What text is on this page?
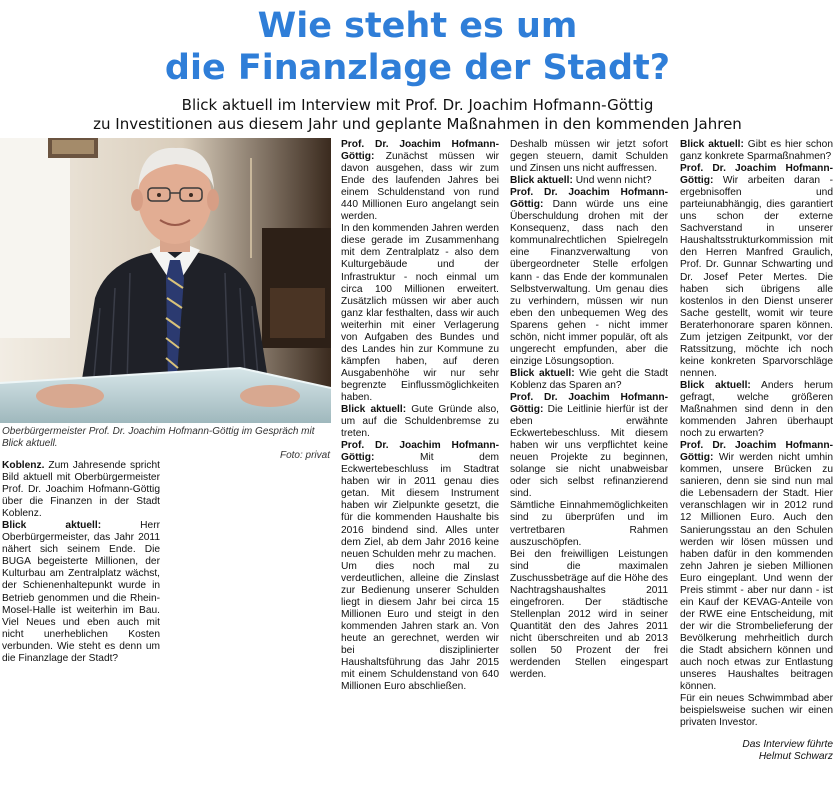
Wie steht es um
die Finanzlage der Stadt?

Blick aktuell im Interview mit Prof. Dr. Joachim Hofmann-Göttig

zu Investitionen aus diesem Jahr und geplante Maßnahmen in den kommenden Jahren

Oberbürgermeister Prof. Dr. Joachim Hofmann-Göttig im Gespräch mit Blick aktuell.
Foto: privat

Koblenz. Zum Jahresende spricht Bild aktuell mit Oberbürgermeister Prof. Dr. Joachim Hofmann-Göttig über die Finanzen in der Stadt Koblenz.

Blick aktuell:	Herr Oberbürgermeister, das Jahr 2011 nähert sich seinem Ende. Die BUGA begeisterte Millionen, der Kulturbau am Zentralplatz wächst, der Schienenhaltepunkt wurde in Betrieb genommen und die Rhein-Mosel-Halle ist weiterhin im Bau. Viel Neues und eben auch mit nicht unerheblichen Kosten verbunden. Wie steht es denn um die Finanzlage der Stadt?

Prof. Dr. Joachim Hofmann-Göttig: Zunächst müssen wir davon ausgehen, dass wir zum Ende des laufenden Jahres bei einem Schuldenstand von rund 440 Millionen Euro angelangt sein werden.

In den kommenden Jahren werden diese gerade im Zusammenhang mit dem Zentralplatz - also dem Kulturgebäude und der Infrastruktur - noch einmal um circa 100 Millionen erweitert. Zusätzlich müssen wir aber auch ganz klar festhalten, dass wir auch weiterhin mit einer Verlagerung von Aufgaben des Bundes und des Landes hin zur Kommune zu kämpfen haben, auf deren Ausgabenhöhe wir nur sehr begrenzte Einflussmöglichkeiten haben.

Blick aktuell: Gute Gründe also, um auf die Schuldenbremse zu treten.

Prof. Dr. Joachim Hofmann-Göttig:	Mit dem Eckwertebeschluss im Stadtrat haben wir in 2011 genau dies getan. Mit diesem Instrument haben wir Zielpunkte gesetzt, die für die kommenden Haushalte bis 2016 bindend sind. Alles unter dem Ziel, ab dem Jahr 2016 keine neuen Schulden mehr zu machen.

Um dies noch mal zu verdeutlichen, alleine die Zinslast zur Bedienung unserer Schulden liegt in diesem Jahr bei circa 15 Millionen Euro und steigt in den kommenden Jahren stark an. Von heute an gerechnet, werden wir bei disziplinierter Haushaltsführung das Jahr 2015 mit einem Schuldenstand von 640 Millionen Euro abschließen.

Deshalb müssen wir jetzt sofort gegen steuern, damit Schulden und Zinsen uns nicht auffressen.

Blick aktuell: Und wenn nicht?

Prof. Dr. Joachim Hofmann-Göttig: Dann würde uns eine Überschuldung drohen mit der Konsequenz, dass nach den kommunalrechtlichen Spielregeln eine Finanzverwaltung von übergeordneter Stelle erfolgen kann - das Ende der kommunalen Selbstverwaltung. Um genau dies zu verhindern, müssen wir nun eben den unbequemen Weg des Sparens gehen - nicht immer schön, nicht immer populär, oft als ungerecht empfunden, aber die einzige Lösungsoption.

Blick aktuell: Wie geht die Stadt Koblenz das Sparen an?

Prof. Dr. Joachim Hofmann-Göttig: Die Leitlinie hierfür ist der eben erwähnte Eckwertebeschluss. Mit diesem haben wir uns verpflichtet keine neuen Projekte zu beginnen, solange sie nicht unabweisbar oder sich selbst refinanzierend sind.

Sämtliche Einnahmemöglichkeiten sind zu überprüfen und im vertretbaren Rahmen auszuschöpfen.

Bei den freiwilligen Leistungen sind die maximalen Zuschussbeträge auf die Höhe des Nachtragshaushaltes 2011 eingefroren. Der städtische Stellenplan 2012 wird in seiner Quantität den des Jahres 2011 nicht überschreiten und ab 2013 sollen 50 Prozent der frei werdenden Stellen eingespart werden.

Blick aktuell: Gibt es hier schon ganz konkrete Sparmaßnahmen?

Prof. Dr. Joachim Hofmann-Göttig: Wir arbeiten daran - ergebnisoffen und parteiunabhängig, dies garantiert uns schon der externe Sachverstand in unserer Haushaltsstrukturkommission mit den Herren Manfred Graulich, Prof. Dr. Gunnar Schwarting und Dr. Josef Peter Mertes. Die haben sich übrigens alle kostenlos in den Dienst unserer Sache gestellt, womit wir teure Beraterhonorare sparen können. Zum jetzigen Zeitpunkt, vor der Ratssitzung, möchte ich noch keine konkreten Sparvorschläge nennen.

Blick aktuell: Anders herum gefragt, welche größeren Maßnahmen sind denn in den kommenden Jahren überhaupt noch zu erwarten?

Prof. Dr. Joachim Hofmann-Göttig: Wir werden nicht umhin kommen, unsere Brücken zu sanieren, denn sie sind nun mal die Lebensadern der Stadt. Hier veranschlagen wir in 2012 rund 12 Millionen Euro. Auch den Sanierungsstau an den Schulen werden wir lösen müssen und haben dafür in den kommenden zehn Jahren je sieben Millionen Euro eingeplant. Und wenn der Preis stimmt - aber nur dann - ist ein Kauf der KEVAG-Anteile von der RWE eine Entscheidung, mit der wir die Strombelieferung der Bevölkerung mehrheitlich durch die Stadt absichern können und auch noch etwas zur Entlastung unseres Haushaltes beitragen können.

Für ein neues Schwimmbad aber beispielsweise suchen wir einen privaten Investor.

Das Interview führte
Helmut Schwarz
